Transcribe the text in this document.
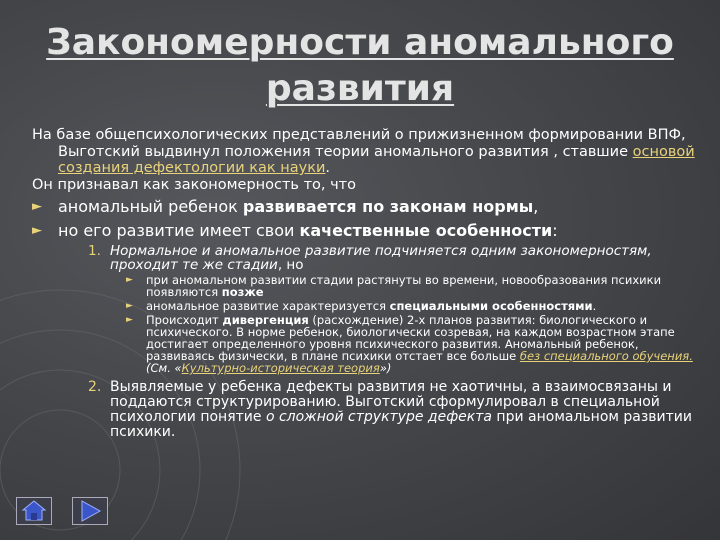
Закономерности аномального
развития

На базе общепсихологических представлений о прижизненном формировании ВПФ, Выготский выдвинул положения теории аномального развития , ставшие основой создания дефектологии как науки.

Он признавал как закономерность то, что

► аномальный ребенок развивается по законам нормы,
► но его развитие имеет свои качественные особенности:
1. Нормальное и аномальное развитие подчиняется одним закономерностям, проходит те же стадии, но
► при аномальном развитии стадии растянуты во времени, новообразования психики появляются позже
► аномальное развитие характеризуется специальными особенностями.
► Происходит дивергенция (расхождение) 2-х планов развития: биологического и психического. В норме ребенок, биологически созревая, на каждом возрастном этапе достигает определенного уровня психического развития. Аномальный ребенок, развиваясь физически, в плане психики отстает все больше без специального обучения. (См. «Культурно-историческая теория»)
2. Выявляемые у ребенка дефекты развития не хаотичны, а взаимосвязаны и поддаются структурированию. Выготский сформулировал в специальной психологии понятие о сложной структуре дефекта при аномальном развитии психики.
